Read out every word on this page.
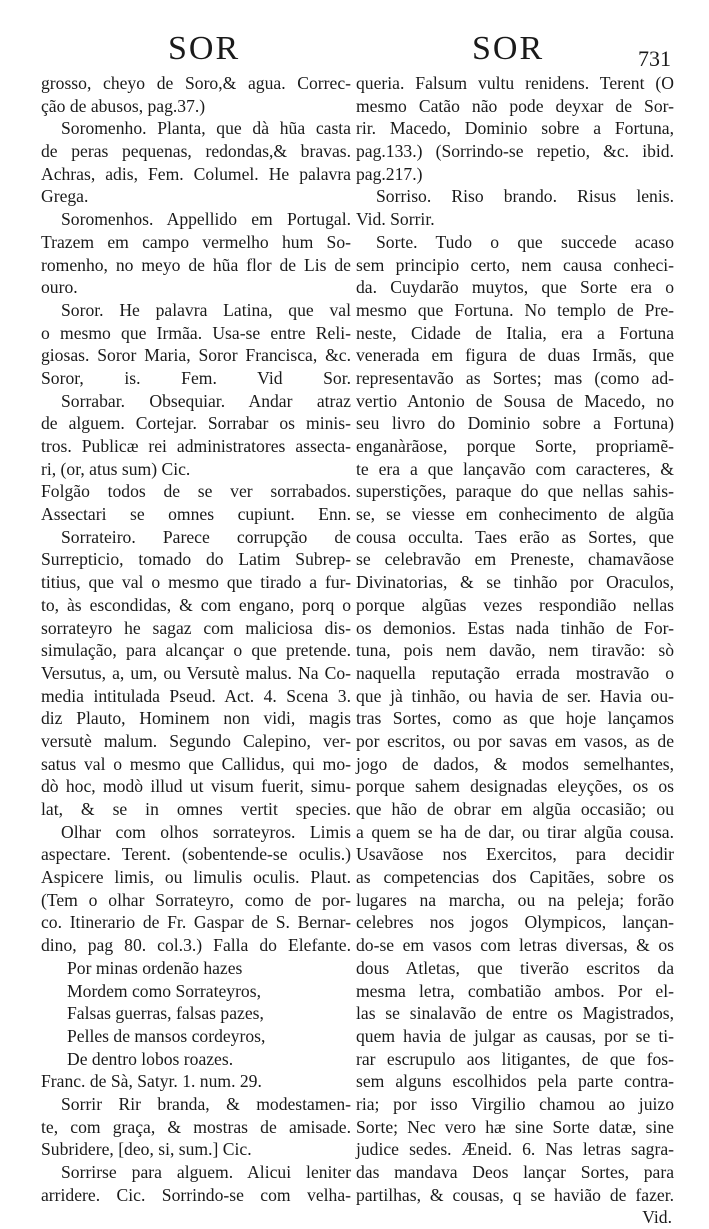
SOR	SOR	731
grosso, cheyo de Soro,& agua. Correc-
ção de abusos, pag.37.)
Soromenho. Planta, que dà hũa casta
de peras pequenas, redondas,& bravas.
Achras, adis, Fem. Columel. He palavra
Grega.
Soromenhos. Appellido em Portugal.
Trazem em campo vermelho hum So-
romenho, no meyo de hũa flor de Lis de
ouro.
Soror. He palavra Latina, que val
o mesmo que Irmãa. Usa-se entre Reli-
giosas. Soror Maria, Soror Francisca, &c.
Soror, is. Fem. Vid Sor.
Sorrabar. Obsequiar. Andar atraz
de alguem. Cortejar. Sorrabar os minis-
tros. Publicæ rei administratores assecta-
ri, (or, atus sum) Cic.
Folgão todos de se ver sorrabados.
Assectari se omnes cupiunt. Enn.
Sorrateiro. Parece corrupção de
Surrepticio, tomado do Latim Subrep-
titius, que val o mesmo que tirado a fur-
to, às escondidas, & com engano, porq o
sorrateyro he sagaz com maliciosa dis-
simulação, para alcançar o que pretende.
Versutus, a, um, ou Versutè malus. Na Co-
media intitulada Pseud. Act. 4. Scena 3.
diz Plauto, Hominem non vidi, magis
versutè malum. Segundo Calepino, ver-
satus val o mesmo que Callidus, qui mo-
dò hoc, modò illud ut visum fuerit, simu-
lat, & se in omnes vertit species.
Olhar com olhos sorrateyros. Limis
aspectare. Terent. (sobentende-se oculis.)
Aspicere limis, ou limulis oculis. Plaut.
(Tem o olhar Sorrateyro, como de por-
co. Itinerario de Fr. Gaspar de S. Bernar-
dino, pag 80. col.3.) Falla do Elefante.
Por minas ordenão hazes
Mordem como Sorrateyros,
Falsas guerras, falsas pazes,
Pelles de mansos cordeyros,
De dentro lobos roazes.
Franc. de Sà, Satyr. 1. num. 29.
Sorrir Rir branda, & modestamen-
te, com graça, & mostras de amisade.
Subridere, [deo, si, sum.] Cic.
Sorrirse para alguem. Alicui leniter
arridere. Cic. Sorrindo-se com velha-
queria. Falsum vultu renidens. Terent (O
mesmo Catão não pode deyxar de Sor-
rir. Macedo, Dominio sobre a Fortuna,
pag.133.) (Sorrindo-se repetio, &c. ibid.
pag.217.)
Sorriso. Riso brando. Risus lenis.
Vid. Sorrir.
Sorte. Tudo o que succede acaso
sem principio certo, nem causa conheci-
da. Cuydarão muytos, que Sorte era o
mesmo que Fortuna. No templo de Pre-
neste, Cidade de Italia, era a Fortuna
venerada em figura de duas Irmãs, que
representavão as Sortes; mas (como ad-
vertio Antonio de Sousa de Macedo, no
seu livro do Dominio sobre a Fortuna)
enganàrãose, porque Sorte, propriamẽ-
te era a que lançavão com caracteres, &
superstições, paraque do que nellas sahis-
se, se viesse em conhecimento de algũa
cousa occulta. Taes erão as Sortes, que
se celebravão em Preneste, chamavãose
Divinatorias, & se tinhão por Oraculos,
porque algũas vezes respondião nellas
os demonios. Estas nada tinhão de For-
tuna, pois nem davão, nem tiravão: sò
naquella reputação errada mostravão o
que jà tinhão, ou havia de ser. Havia ou-
tras Sortes, como as que hoje lançamos
por escritos, ou por savas em vasos, as de
jogo de dados, & modos semelhantes,
porque sahem designadas eleyções, os os
que hão de obrar em algũa occasião; ou
a quem se ha de dar, ou tirar algũa cousa.
Usavãose nos Exercitos, para decidir
as competencias dos Capitães, sobre os
lugares na marcha, ou na peleja; forão
celebres nos jogos Olympicos, lançan-
do-se em vasos com letras diversas, & os
dous Atletas, que tiverão escritos da
mesma letra, combatião ambos. Por el-
las se sinalavão de entre os Magistrados,
quem havia de julgar as causas, por se ti-
rar escrupulo aos litigantes, de que fos-
sem alguns escolhidos pela parte contra-
ria; por isso Virgilio chamou ao juizo
Sorte; Nec vero hæ sine Sorte datæ, sine
judice sedes. Æneid. 6. Nas letras sagra-
das mandava Deos lançar Sortes, para
partilhas, & cousas, q se havião de fazer.
Vid.
